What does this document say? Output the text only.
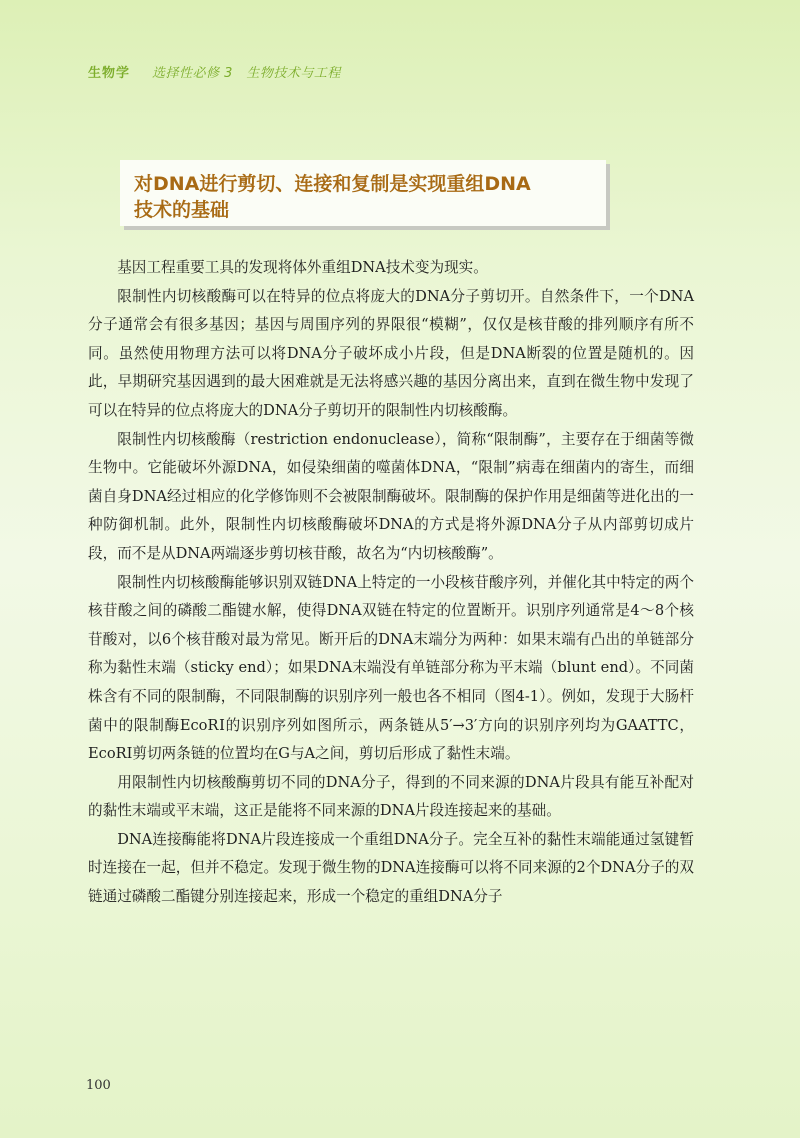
生物学 选择性必修 3　生物技术与工程
对DNA进行剪切、连接和复制是实现重组DNA
技术的基础

基因工程重要工具的发现将体外重组DNA技术变为现实。

限制性内切核酸酶可以在特异的位点将庞大的DNA分子剪切开。自然条件下，一个DNA分子通常会有很多基因；基因与周围序列的界限很“模糊”，仅仅是核苷酸的排列顺序有所不同。虽然使用物理方法可以将DNA分子破坏成小片段，但是DNA断裂的位置是随机的。因此，早期研究基因遇到的最大困难就是无法将感兴趣的基因分离出来，直到在微生物中发现了可以在特异的位点将庞大的DNA分子剪切开的限制性内切核酸酶。

限制性内切核酸酶（restriction endonuclease），简称“限制酶”，主要存在于细菌等微生物中。它能破坏外源DNA，如侵染细菌的噬菌体DNA，“限制”病毒在细菌内的寄生，而细菌自身DNA经过相应的化学修饰则不会被限制酶破坏。限制酶的保护作用是细菌等进化出的一种防御机制。此外，限制性内切核酸酶破坏DNA的方式是将外源DNA分子从内部剪切成片段，而不是从DNA两端逐步剪切核苷酸，故名为“内切核酸酶”。

限制性内切核酸酶能够识别双链DNA上特定的一小段核苷酸序列，并催化其中特定的两个核苷酸之间的磷酸二酯键水解，使得DNA双链在特定的位置断开。识别序列通常是4～8个核苷酸对，以6个核苷酸对最为常见。断开后的DNA末端分为两种：如果末端有凸出的单链部分称为黏性末端（sticky end）；如果DNA末端没有单链部分称为平末端（blunt end）。不同菌株含有不同的限制酶，不同限制酶的识别序列一般也各不相同（图4-1）。例如，发现于大肠杆菌中的限制酶EcoRⅠ的识别序列如图所示，两条链从5′→3′方向的识别序列均为GAATTC，EcoRⅠ剪切两条链的位置均在G与A之间，剪切后形成了黏性末端。

用限制性内切核酸酶剪切不同的DNA分子，得到的不同来源的DNA片段具有能互补配对的黏性末端或平末端，这正是能将不同来源的DNA片段连接起来的基础。

DNA连接酶能将DNA片段连接成一个重组DNA分子。完全互补的黏性末端能通过氢键暂时连接在一起，但并不稳定。发现于微生物的DNA连接酶可以将不同来源的2个DNA分子的双链通过磷酸二酯键分别连接起来，形成一个稳定的重组DNA分子

100
